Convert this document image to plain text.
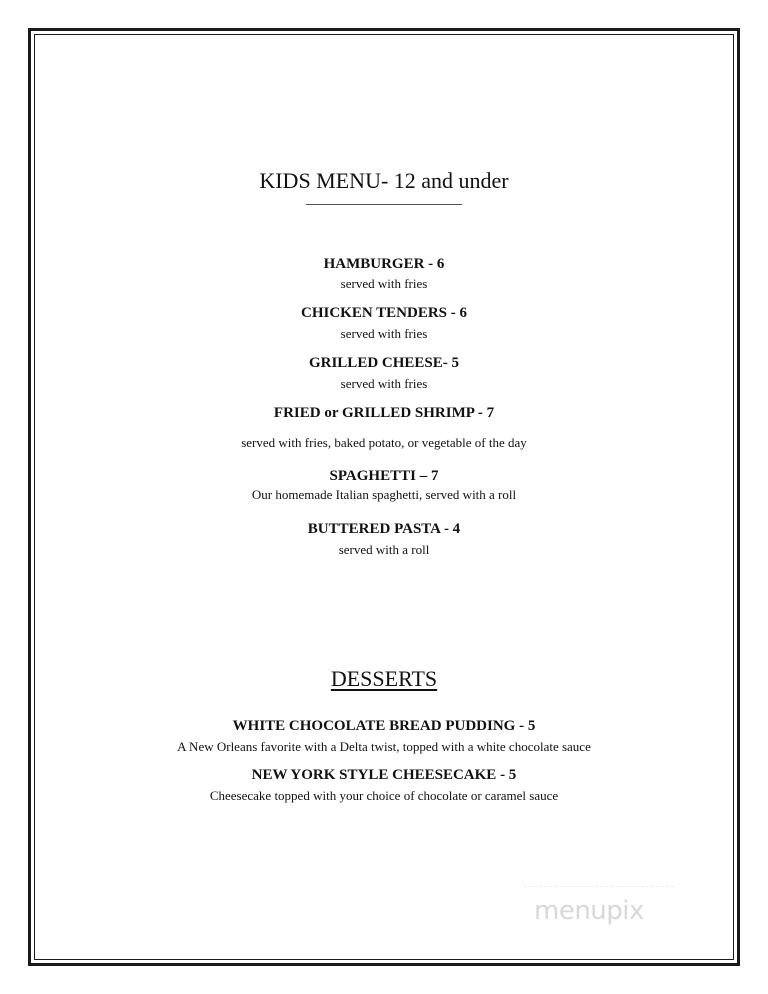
KIDS MENU- 12 and under
HAMBURGER - 6
served with fries
CHICKEN TENDERS - 6
served with fries
GRILLED CHEESE- 5
served with fries
FRIED or GRILLED SHRIMP - 7
served with fries, baked potato, or vegetable of the day
SPAGHETTI – 7
Our homemade Italian spaghetti, served with a roll
BUTTERED PASTA - 4
served with a roll
DESSERTS
WHITE CHOCOLATE BREAD PUDDING - 5
A New Orleans favorite with a Delta twist, topped with a white chocolate sauce
NEW YORK STYLE CHEESECAKE - 5
Cheesecake topped with your choice of chocolate or caramel sauce
menupix
